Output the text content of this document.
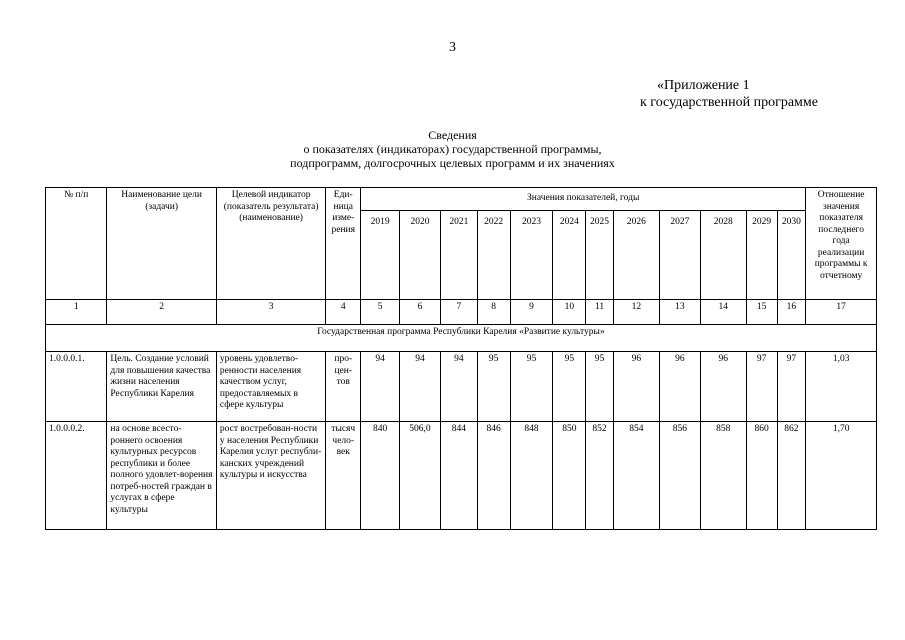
3
«Приложение 1
к государственной программе
Сведения
о показателях (индикаторах) государственной программы,
подпрограмм, долгосрочных целевых программ и их значениях
№ п/п	Наименование цели (задачи)	Целевой индикатор (показатель результата) (наименование)	Еди-ница изме-рения	Значения показателей, годы												Отношение значения показателя последнего года реализации программы к отчетному
				2019	2020	2021	2022	2023	2024	2025	2026	2027	2028	2029	2030	
1	2	3	4	5	6	7	8	9	10	11	12	13	14	15	16	17
Государственная программа Республики Карелия «Развитие культуры»																
1.0.0.0.1.	Цель. Создание условий для повышения качества жизни населения Республики Карелия	уровень удовлетво-ренности населения качеством услуг, предоставляемых в сфере культуры	про-цен-тов	94	94	94	95	95	95	95	96	96	96	97	97	1,03
1.0.0.0.2.	на основе всесто-роннего освоения культурных ресурсов республики и более полного удовлет-ворения потреб-ностей граждан в услугах в сфере культуры	рост востребован-ности у населения Республики Карелия услуг республи-канских учреждений культуры и искусства	тысяч чело-век	840	506,0	844	846	848	850	852	854	856	858	860	862	1,70
